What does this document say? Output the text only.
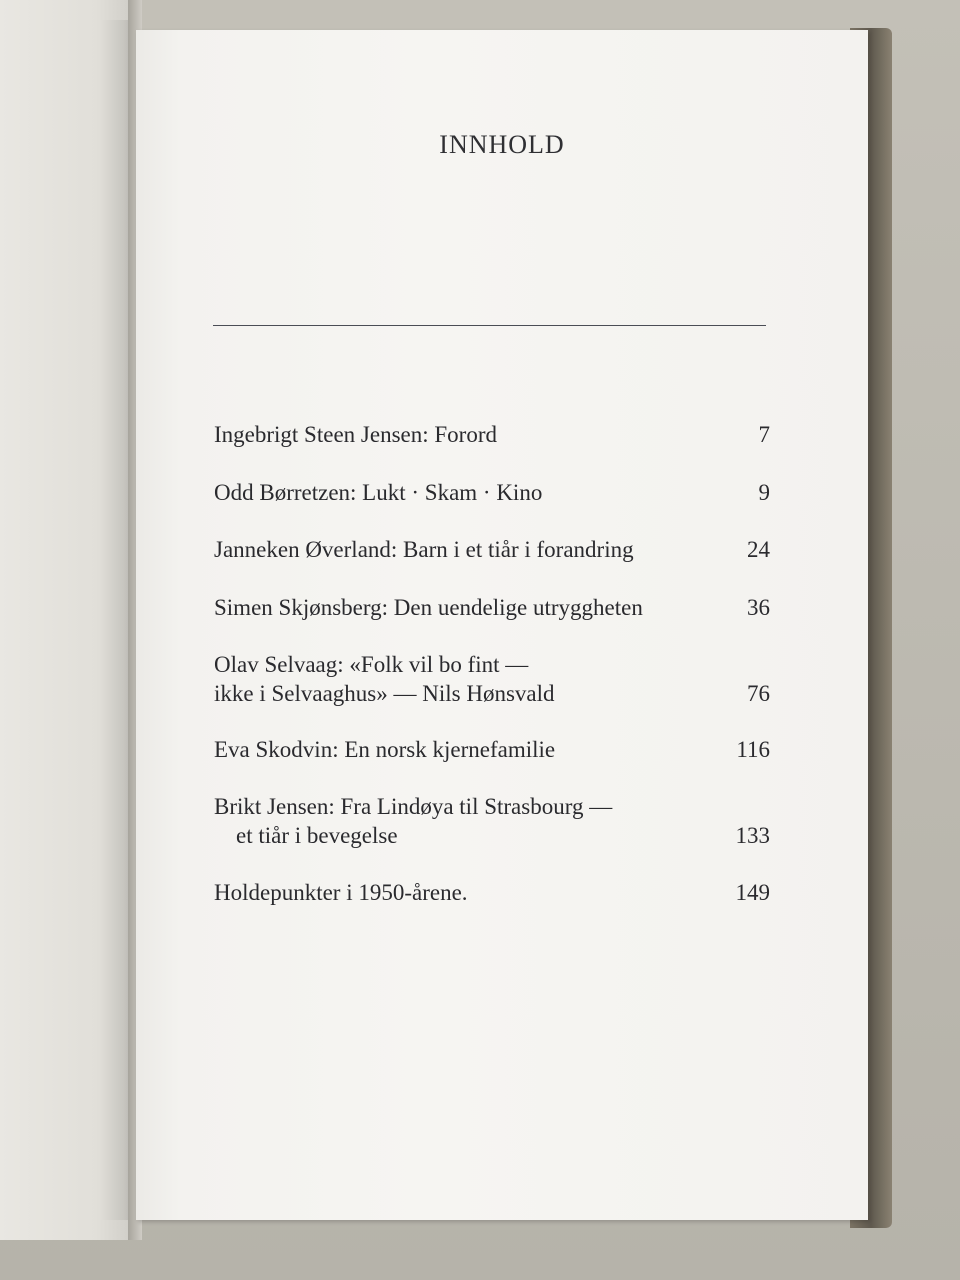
INNHOLD
Ingebrigt Steen Jensen: Forord	7
Odd Børretzen: Lukt · Skam · Kino	9
Janneken Øverland: Barn i et tiår i forandring	24
Simen Skjønsberg: Den uendelige utryggheten	36
Olav Selvaag: «Folk vil bo fint —
ikke i Selvaaghus» — Nils Hønsvald	76
Eva Skodvin: En norsk kjernefamilie	116
Brikt Jensen: Fra Lindøya til Strasbourg —
et tiår i bevegelse	133
Holdepunkter i 1950-årene.	149
